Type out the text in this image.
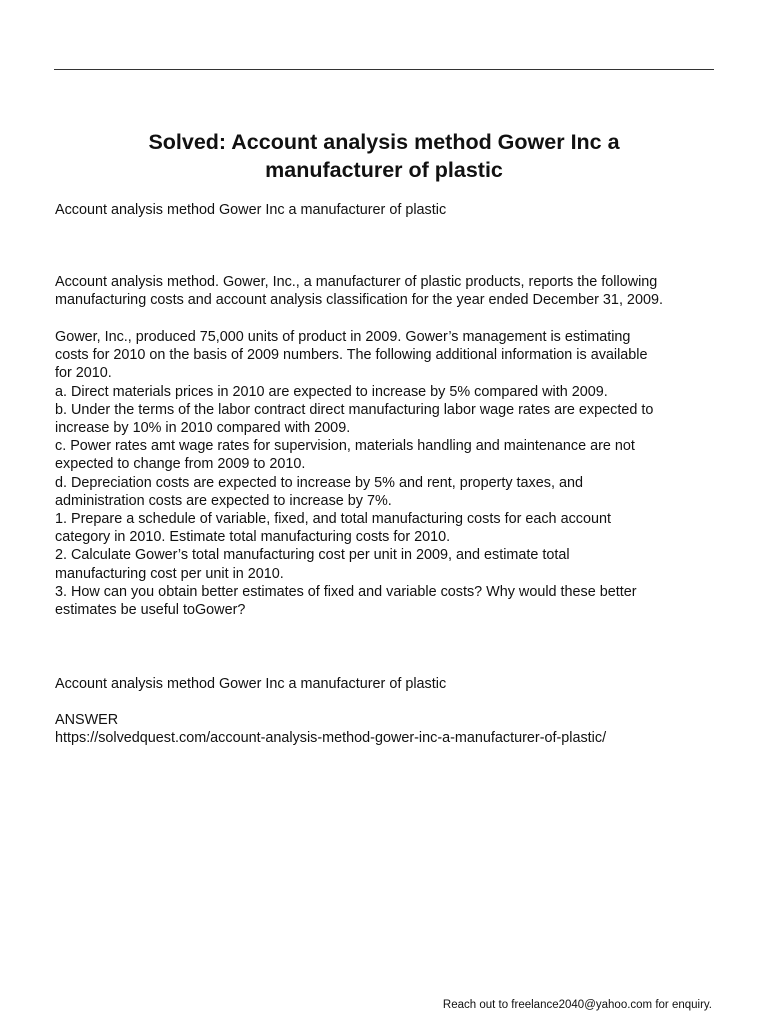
Solved: Account analysis method Gower Inc a
manufacturer of plastic

Account analysis method Gower Inc a manufacturer of plastic

Account analysis method. Gower, Inc., a manufacturer of plastic products, reports the following
manufacturing costs and account analysis classification for the year ended December 31, 2009.
Gower, Inc., produced 75,000 units of product in 2009. Gower’s management is estimating
costs for 2010 on the basis of 2009 numbers. The following additional information is available
for 2010.
a. Direct materials prices in 2010 are expected to increase by 5% compared with 2009.
b. Under the terms of the labor contract direct manufacturing labor wage rates are expected to
increase by 10% in 2010 compared with 2009.
c. Power rates amt wage rates for supervision, materials handling and maintenance are not
expected to change from 2009 to 2010.
d. Depreciation costs are expected to increase by 5% and rent, property taxes, and
administration costs are expected to increase by 7%.
1. Prepare a schedule of variable, fixed, and total manufacturing costs for each account
category in 2010. Estimate total manufacturing costs for 2010.
2. Calculate Gower’s total manufacturing cost per unit in 2009, and estimate total
manufacturing cost per unit in 2010.
3. How can you obtain better estimates of fixed and variable costs? Why would these better
estimates be useful toGower?

Account analysis method Gower Inc a manufacturer of plastic

ANSWER

https://solvedquest.com/account-analysis-method-gower-inc-a-manufacturer-of-plastic/

Reach out to freelance2040@yahoo.com for enquiry.
